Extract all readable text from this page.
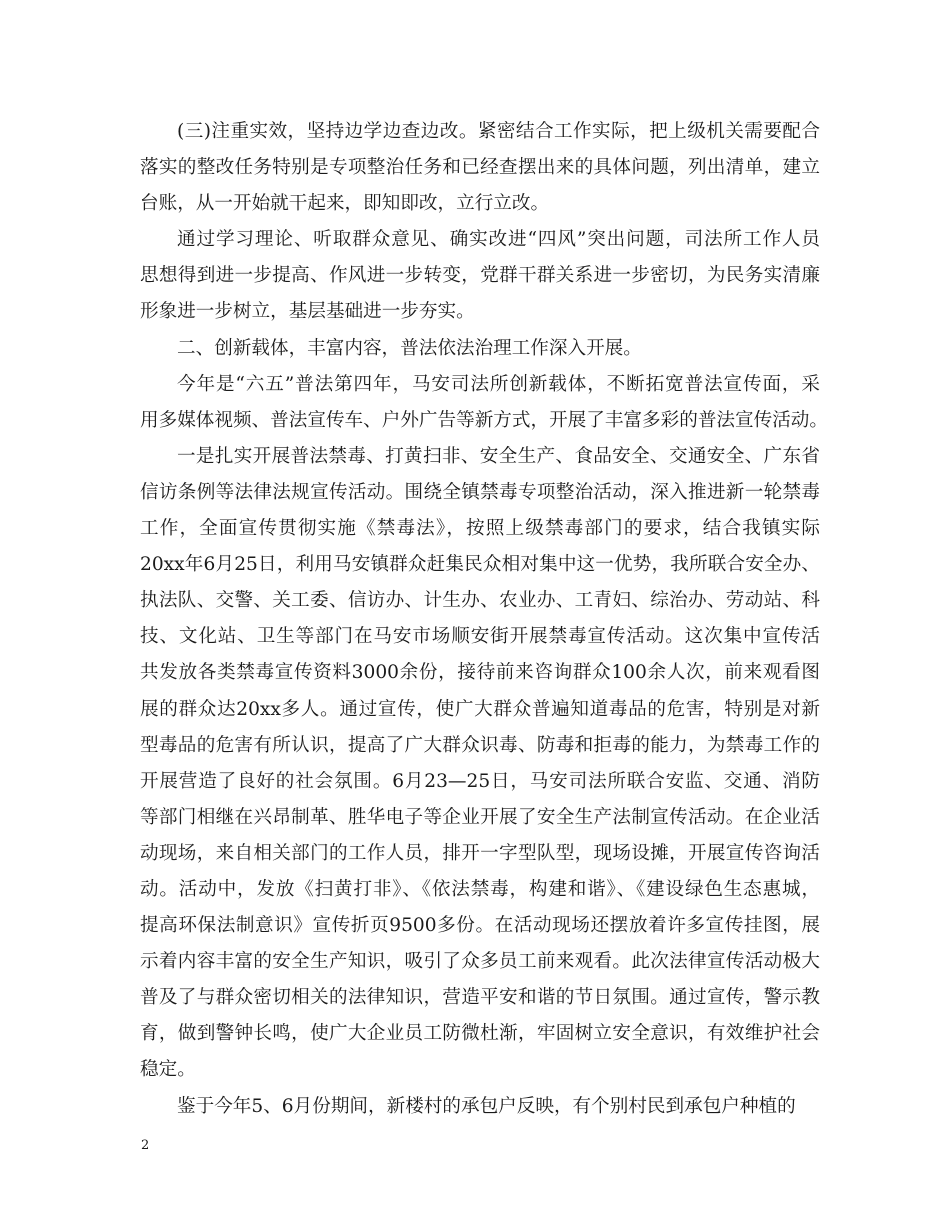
(三)注重实效，坚持边学边查边改。紧密结合工作实际，把上级机关需要配合
落实的整改任务特别是专项整治任务和已经查摆出来的具体问题，列出清单，建立
台账，从一开始就干起来，即知即改，立行立改。
通过学习理论、听取群众意见、确实改进“四风”突出问题，司法所工作人员
思想得到进一步提高、作风进一步转变，党群干群关系进一步密切，为民务实清廉
形象进一步树立，基层基础进一步夯实。
二、创新载体，丰富内容，普法依法治理工作深入开展。
今年是“六五”普法第四年，马安司法所创新载体，不断拓宽普法宣传面，采
用多媒体视频、普法宣传车、户外广告等新方式，开展了丰富多彩的普法宣传活动。
一是扎实开展普法禁毒、打黄扫非、安全生产、食品安全、交通安全、广东省
信访条例等法律法规宣传活动。围绕全镇禁毒专项整治活动，深入推进新一轮禁毒
工作，全面宣传贯彻实施《禁毒法》，按照上级禁毒部门的要求，结合我镇实际
20xx年6月25日，利用马安镇群众赶集民众相对集中这一优势，我所联合安全办、
执法队、交警、关工委、信访办、计生办、农业办、工青妇、综治办、劳动站、科
技、文化站、卫生等部门在马安市场顺安街开展禁毒宣传活动。这次集中宣传活
共发放各类禁毒宣传资料3000余份，接待前来咨询群众100余人次，前来观看图
展的群众达20xx多人。通过宣传，使广大群众普遍知道毒品的危害，特别是对新
型毒品的危害有所认识，提高了广大群众识毒、防毒和拒毒的能力，为禁毒工作的
开展营造了良好的社会氛围。6月23—25日，马安司法所联合安监、交通、消防
等部门相继在兴昂制革、胜华电子等企业开展了安全生产法制宣传活动。在企业活
动现场，来自相关部门的工作人员，排开一字型队型，现场设摊，开展宣传咨询活
动。活动中，发放《扫黄打非》、《依法禁毒，构建和谐》、《建设绿色生态惠城，
提高环保法制意识》宣传折页9500多份。在活动现场还摆放着许多宣传挂图，展
示着内容丰富的安全生产知识，吸引了众多员工前来观看。此次法律宣传活动极大
普及了与群众密切相关的法律知识，营造平安和谐的节日氛围。通过宣传，警示教
育，做到警钟长鸣，使广大企业员工防微杜渐，牢固树立安全意识，有效维护社会
稳定。
鉴于今年5、6月份期间，新楼村的承包户反映，有个别村民到承包户种植的
2
